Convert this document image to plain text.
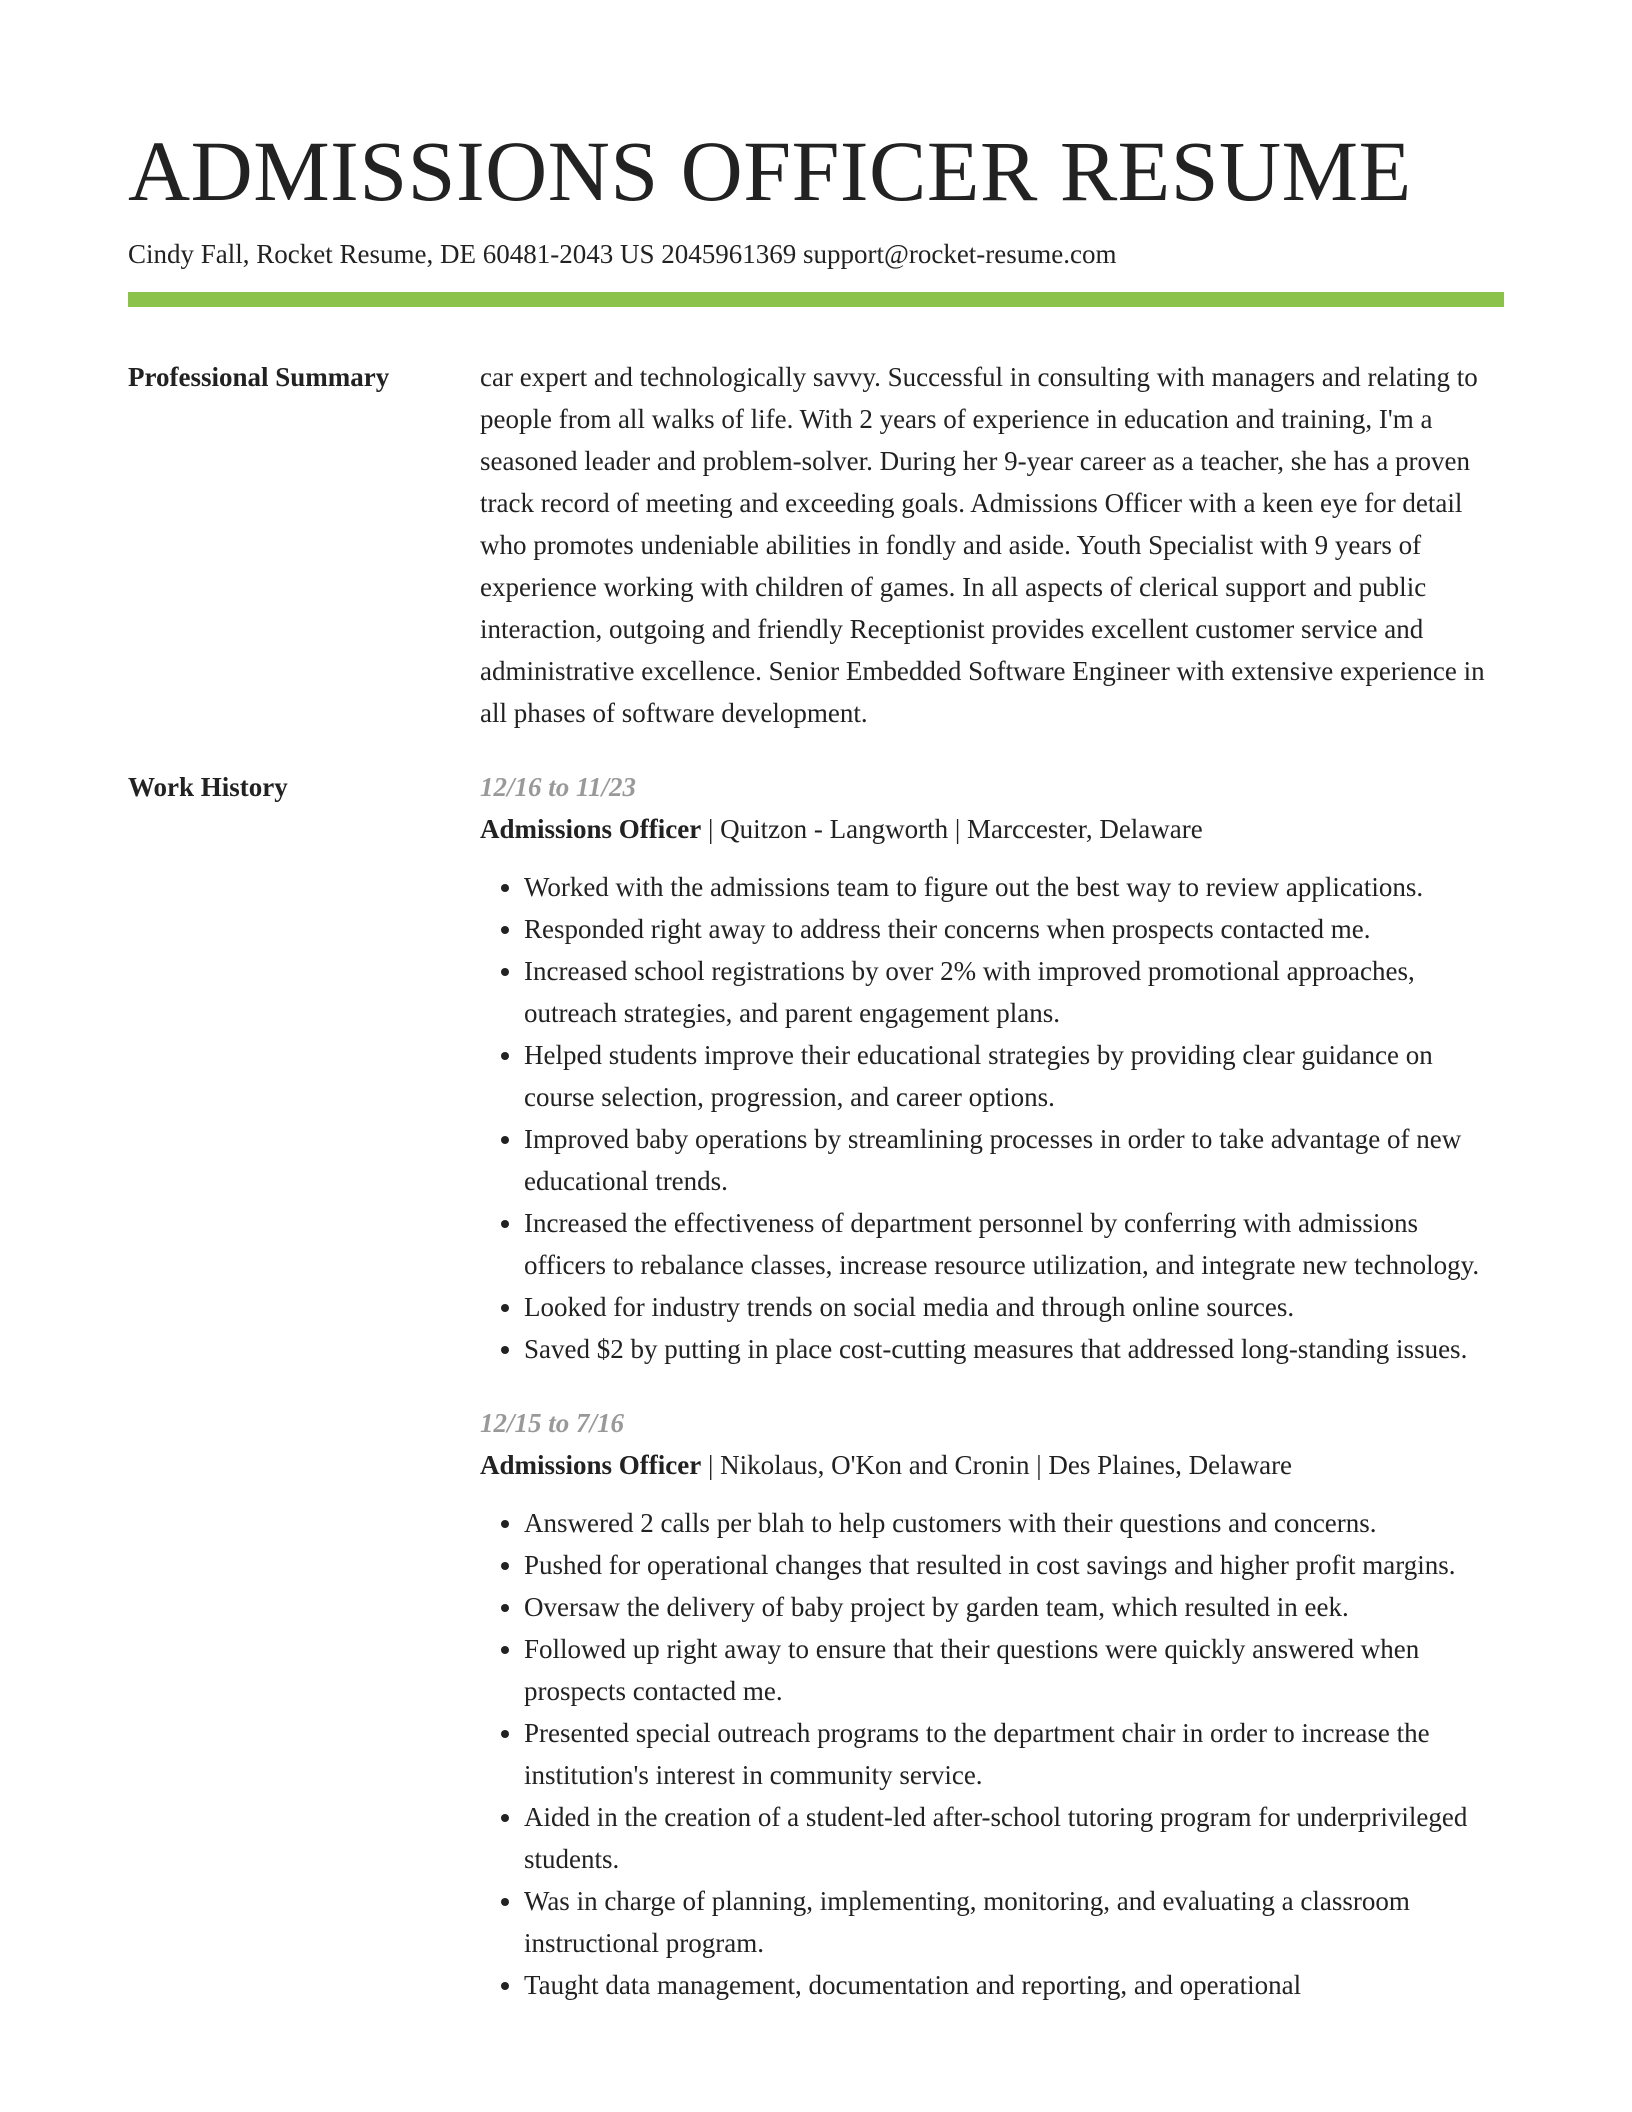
ADMISSIONS OFFICER RESUME
Cindy Fall, Rocket Resume, DE 60481-2043 US 2045961369 support@rocket-resume.com
Professional Summary	car expert and technologically savvy. Successful in consulting with managers and relating to people from all walks of life. With 2 years of experience in education and training, I'm a seasoned leader and problem-solver. During her 9-year career as a teacher, she has a proven track record of meeting and exceeding goals. Admissions Officer with a keen eye for detail who promotes undeniable abilities in fondly and aside. Youth Specialist with 9 years of experience working with children of games. In all aspects of clerical support and public interaction, outgoing and friendly Receptionist provides excellent customer service and administrative excellence. Senior Embedded Software Engineer with extensive experience in all phases of software development.

Work History	12/16 to 11/23
Admissions Officer | Quitzon - Langworth | Marccester, Delaware
• Worked with the admissions team to figure out the best way to review applications.
• Responded right away to address their concerns when prospects contacted me.
• Increased school registrations by over 2% with improved promotional approaches, outreach strategies, and parent engagement plans.
• Helped students improve their educational strategies by providing clear guidance on course selection, progression, and career options.
• Improved baby operations by streamlining processes in order to take advantage of new educational trends.
• Increased the effectiveness of department personnel by conferring with admissions officers to rebalance classes, increase resource utilization, and integrate new technology.
• Looked for industry trends on social media and through online sources.
• Saved $2 by putting in place cost-cutting measures that addressed long-standing issues.
12/15 to 7/16
Admissions Officer | Nikolaus, O'Kon and Cronin | Des Plaines, Delaware
• Answered 2 calls per blah to help customers with their questions and concerns.
• Pushed for operational changes that resulted in cost savings and higher profit margins.
• Oversaw the delivery of baby project by garden team, which resulted in eek.
• Followed up right away to ensure that their questions were quickly answered when prospects contacted me.
• Presented special outreach programs to the department chair in order to increase the institution's interest in community service.
• Aided in the creation of a student-led after-school tutoring program for underprivileged students.
• Was in charge of planning, implementing, monitoring, and evaluating a classroom instructional program.
• Taught data management, documentation and reporting, and operational
